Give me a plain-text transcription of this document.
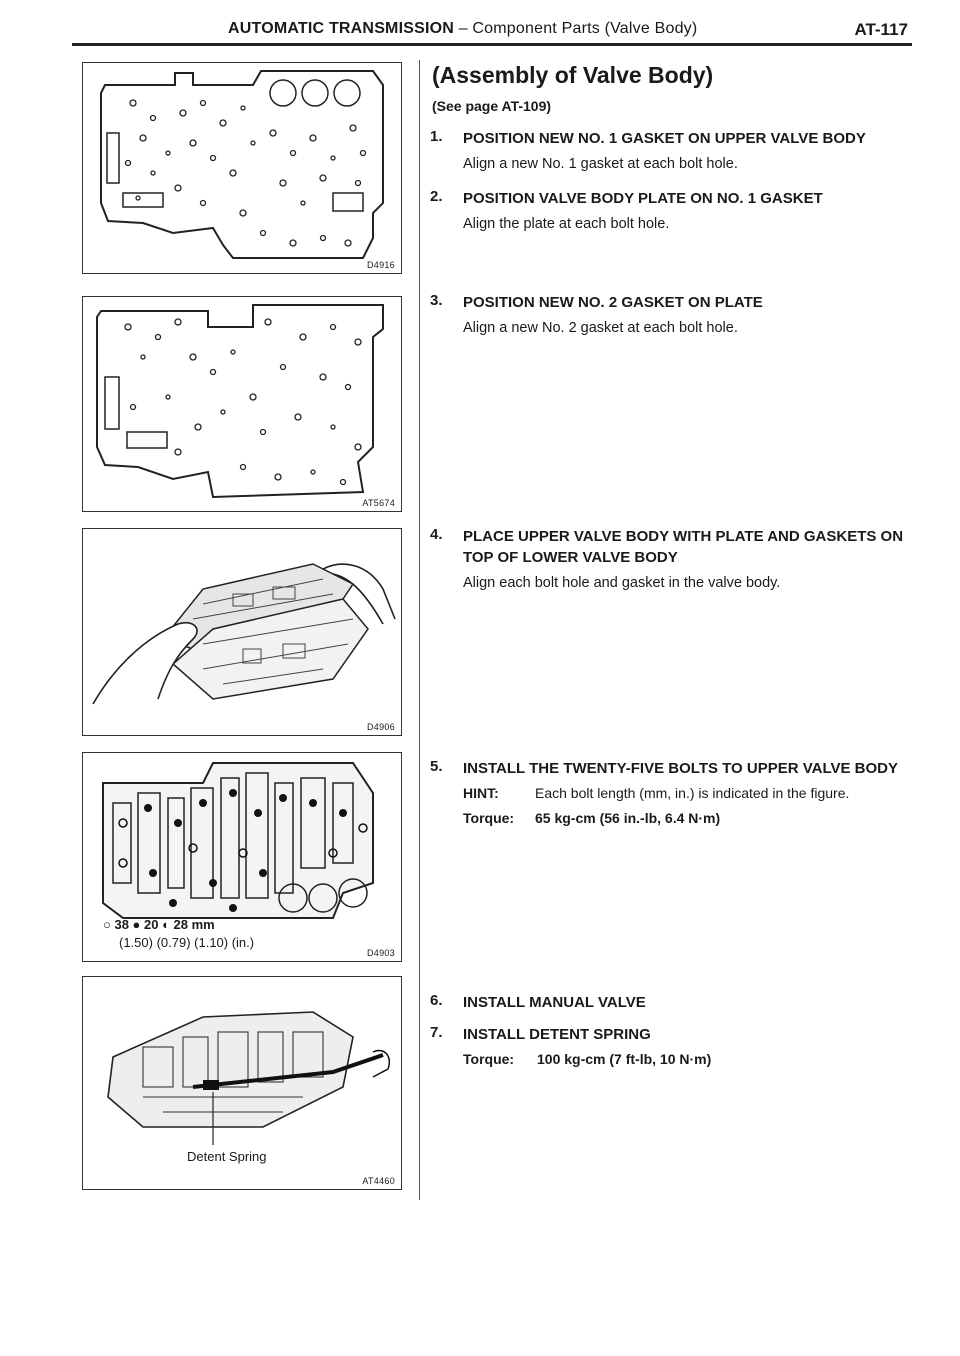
AUTOMATIC TRANSMISSION – Component Parts (Valve Body)	AT-117
D4916
AT5674
D4906
○ 38 ● 20 ◐ 28 mm
(1.50) (0.79) (1.10) (in.)
D4903
Detent Spring
AT4460
(Assembly of Valve Body)
(See page AT-109)
1. POSITION NEW NO. 1 GASKET ON UPPER VALVE BODY
Align a new No. 1 gasket at each bolt hole.
2. POSITION VALVE BODY PLATE ON NO. 1 GASKET
Align the plate at each bolt hole.
3. POSITION NEW NO. 2 GASKET ON PLATE
Align a new No. 2 gasket at each bolt hole.
4. PLACE UPPER VALVE BODY WITH PLATE AND GASKETS ON TOP OF LOWER VALVE BODY
Align each bolt hole and gasket in the valve body.
5. INSTALL THE TWENTY-FIVE BOLTS TO UPPER VALVE BODY
HINT:	Each bolt length (mm, in.) is indicated in the figure.
Torque: 65 kg-cm (56 in.-lb, 6.4 N·m)
6. INSTALL MANUAL VALVE
7. INSTALL DETENT SPRING
Torque: 100 kg-cm (7 ft-lb, 10 N·m)
